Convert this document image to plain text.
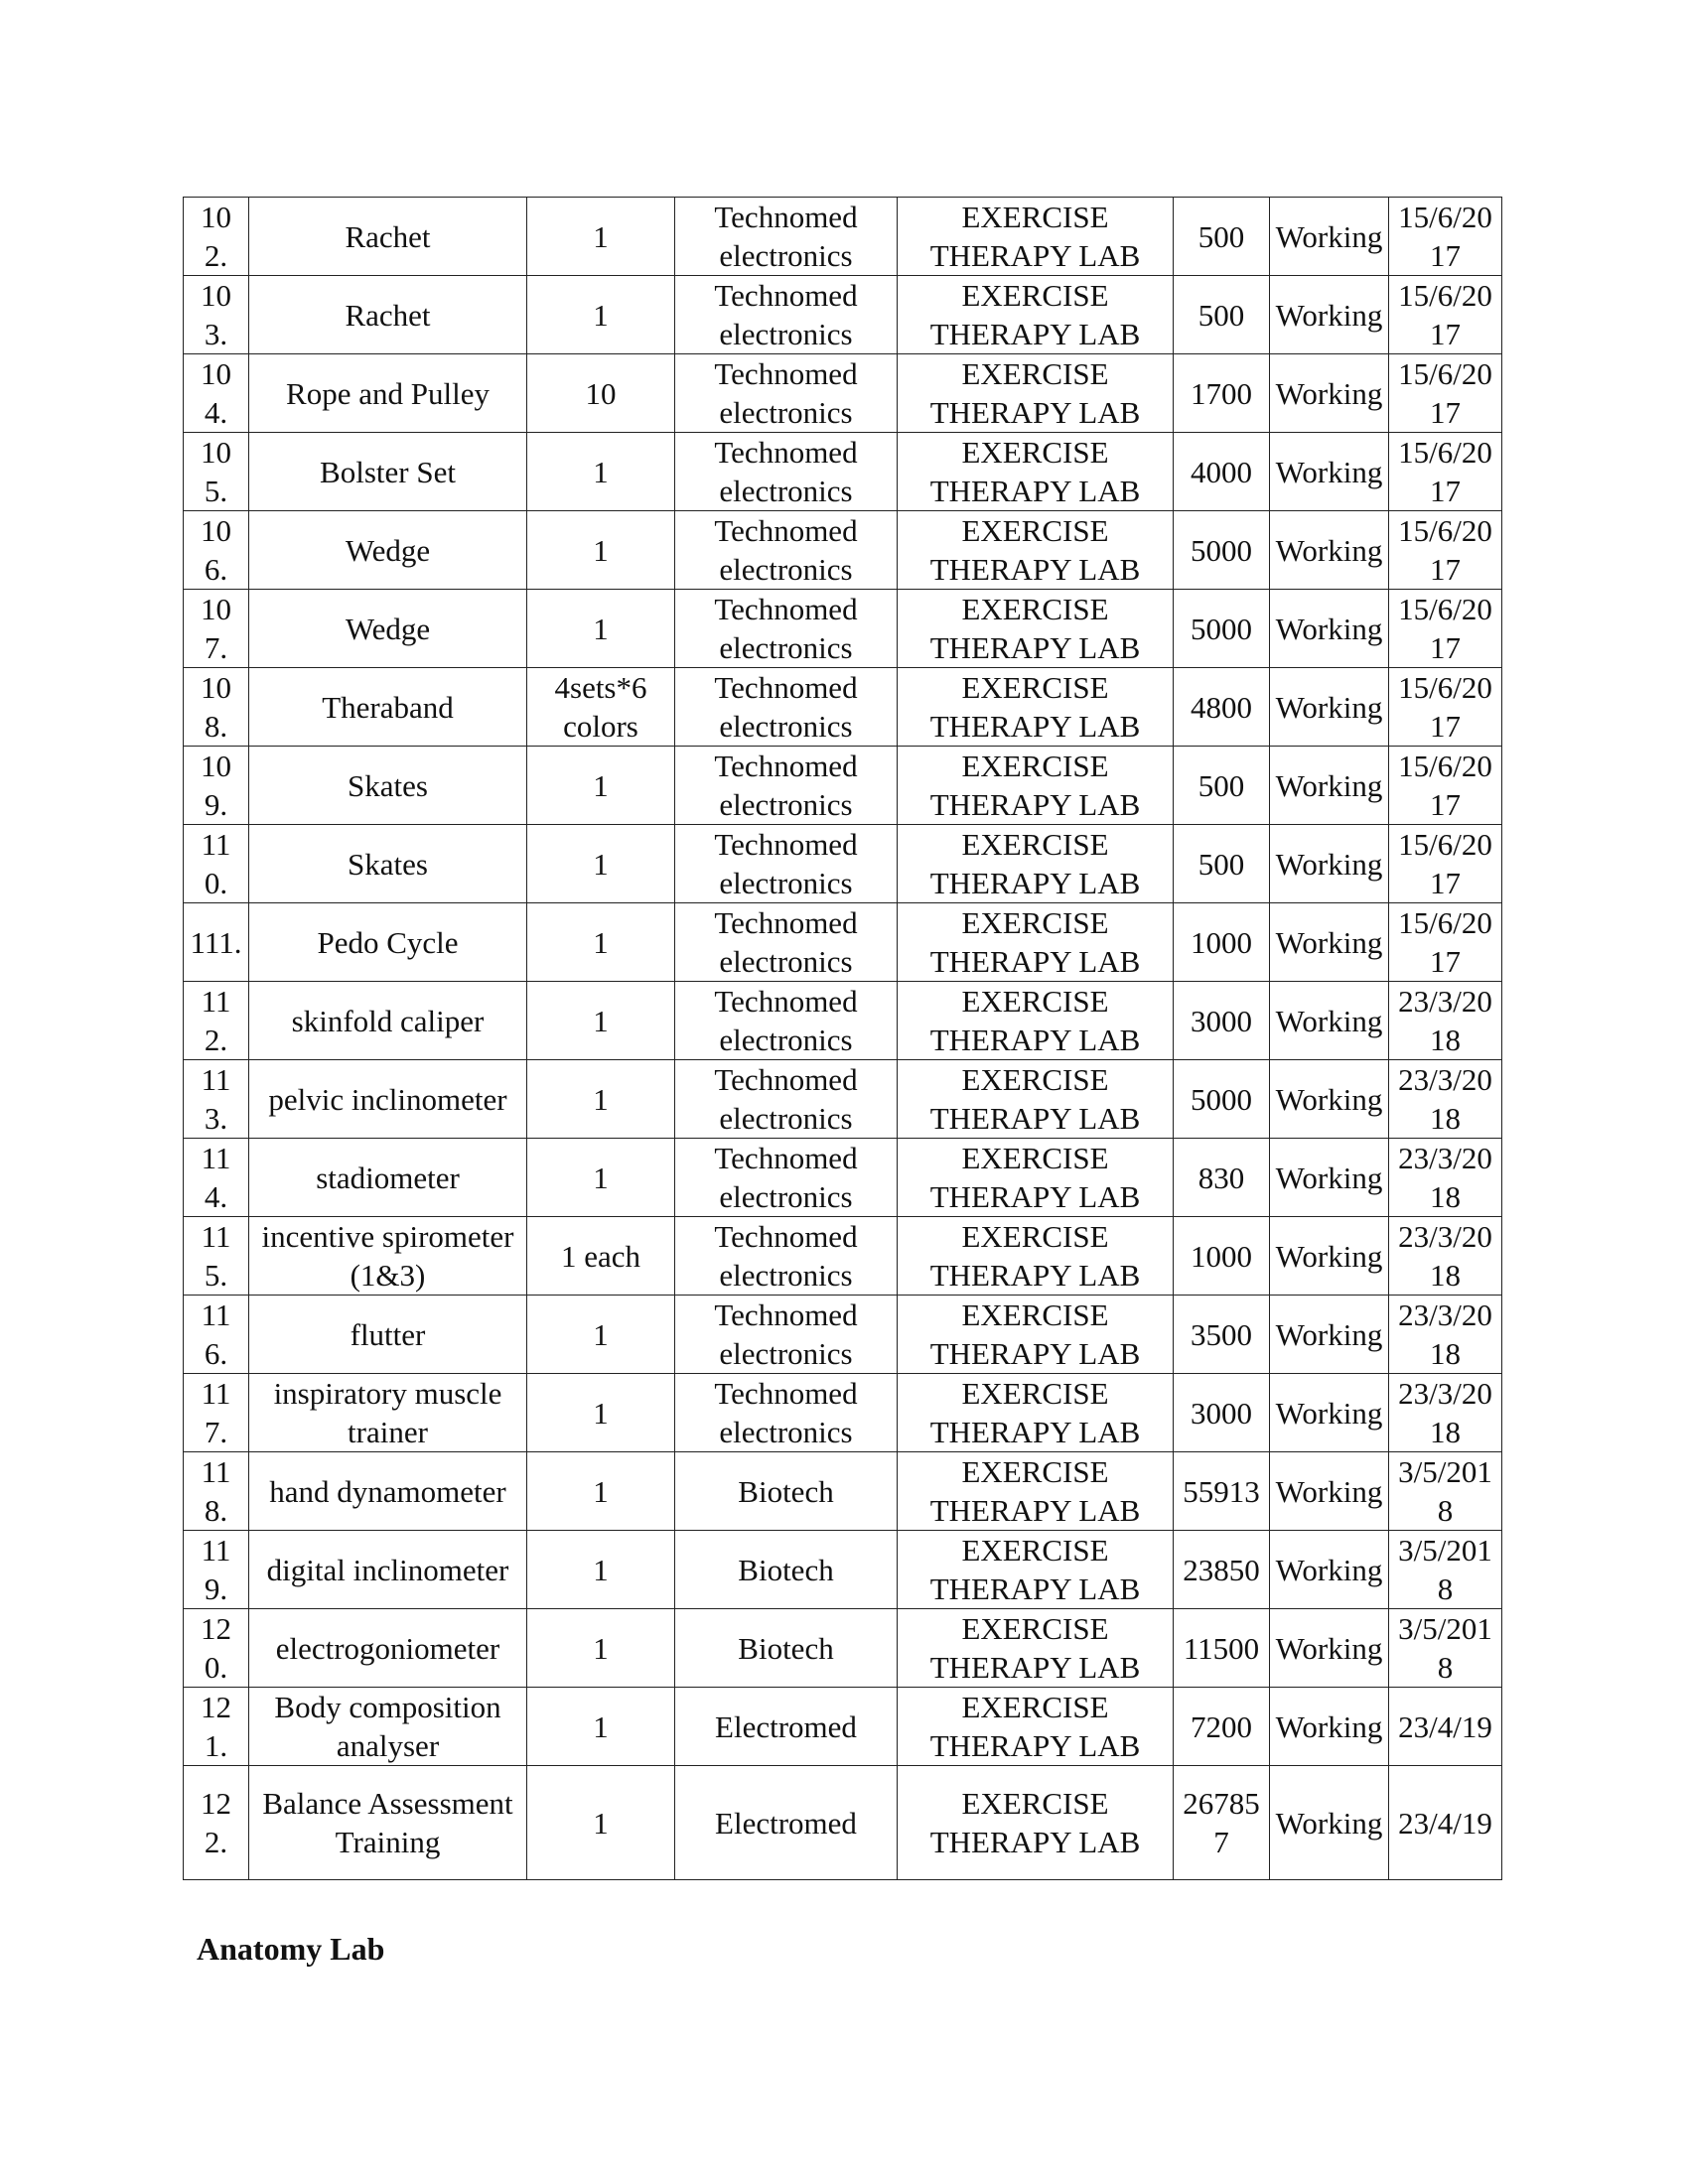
102.	Rachet	1	Technomed electronics	EXERCISE THERAPY LAB	500	Working	15/6/2017
103.	Rachet	1	Technomed electronics	EXERCISE THERAPY LAB	500	Working	15/6/2017
104.	Rope and Pulley	10	Technomed electronics	EXERCISE THERAPY LAB	1700	Working	15/6/2017
105.	Bolster Set	1	Technomed electronics	EXERCISE THERAPY LAB	4000	Working	15/6/2017
106.	Wedge	1	Technomed electronics	EXERCISE THERAPY LAB	5000	Working	15/6/2017
107.	Wedge	1	Technomed electronics	EXERCISE THERAPY LAB	5000	Working	15/6/2017
108.	Theraband	4sets*6 colors	Technomed electronics	EXERCISE THERAPY LAB	4800	Working	15/6/2017
109.	Skates	1	Technomed electronics	EXERCISE THERAPY LAB	500	Working	15/6/2017
110.	Skates	1	Technomed electronics	EXERCISE THERAPY LAB	500	Working	15/6/2017
111.	Pedo Cycle	1	Technomed electronics	EXERCISE THERAPY LAB	1000	Working	15/6/2017
112.	skinfold caliper	1	Technomed electronics	EXERCISE THERAPY LAB	3000	Working	23/3/2018
113.	pelvic inclinometer	1	Technomed electronics	EXERCISE THERAPY LAB	5000	Working	23/3/2018
114.	stadiometer	1	Technomed electronics	EXERCISE THERAPY LAB	830	Working	23/3/2018
115.	incentive spirometer (1&3)	1 each	Technomed electronics	EXERCISE THERAPY LAB	1000	Working	23/3/2018
116.	flutter	1	Technomed electronics	EXERCISE THERAPY LAB	3500	Working	23/3/2018
117.	inspiratory muscle trainer	1	Technomed electronics	EXERCISE THERAPY LAB	3000	Working	23/3/2018
118.	hand dynamometer	1	Biotech	EXERCISE THERAPY LAB	55913	Working	3/5/2018
119.	digital inclinometer	1	Biotech	EXERCISE THERAPY LAB	23850	Working	3/5/2018
120.	electrogoniometer	1	Biotech	EXERCISE THERAPY LAB	11500	Working	3/5/2018
121.	Body composition analyser	1	Electromed	EXERCISE THERAPY LAB	7200	Working	23/4/19
122.	Balance Assessment Training	1	Electromed	EXERCISE THERAPY LAB	267857	Working	23/4/19
Anatomy Lab
